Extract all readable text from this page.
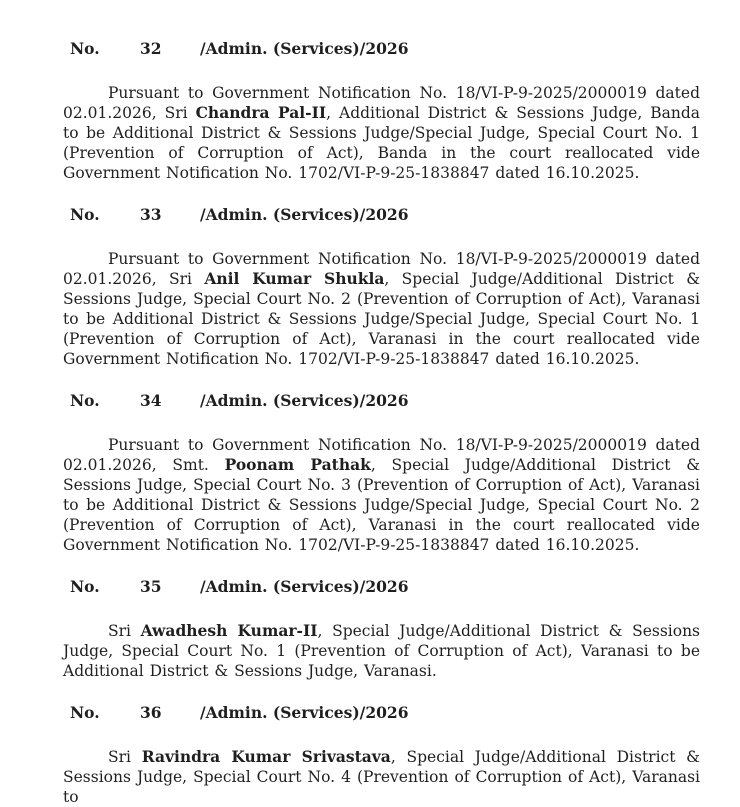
No.	32	/Admin. (Services)/2026

Pursuant to Government Notification No. 18/VI-P-9-2025/2000019 dated 02.01.2026, Sri Chandra Pal-II, Additional District & Sessions Judge, Banda to be Additional District & Sessions Judge/Special Judge, Special Court No. 1 (Prevention of Corruption of Act), Banda in the court reallocated vide Government Notification No. 1702/VI-P-9-25-1838847 dated 16.10.2025.

No.	33	/Admin. (Services)/2026

Pursuant to Government Notification No. 18/VI-P-9-2025/2000019 dated 02.01.2026, Sri Anil Kumar Shukla, Special Judge/Additional District & Sessions Judge, Special Court No. 2 (Prevention of Corruption of Act), Varanasi to be Additional District & Sessions Judge/Special Judge, Special Court No. 1 (Prevention of Corruption of Act), Varanasi in the court reallocated vide Government Notification No. 1702/VI-P-9-25-1838847 dated 16.10.2025.

No.	34	/Admin. (Services)/2026

Pursuant to Government Notification No. 18/VI-P-9-2025/2000019 dated 02.01.2026, Smt. Poonam Pathak, Special Judge/Additional District & Sessions Judge, Special Court No. 3 (Prevention of Corruption of Act), Varanasi to be Additional District & Sessions Judge/Special Judge, Special Court No. 2 (Prevention of Corruption of Act), Varanasi in the court reallocated vide Government Notification No. 1702/VI-P-9-25-1838847 dated 16.10.2025.

No.	35	/Admin. (Services)/2026

Sri Awadhesh Kumar-II, Special Judge/Additional District & Sessions Judge, Special Court No. 1 (Prevention of Corruption of Act), Varanasi to be Additional District & Sessions Judge, Varanasi.

No.	36	/Admin. (Services)/2026

Sri Ravindra Kumar Srivastava, Special Judge/Additional District & Sessions Judge, Special Court No. 4 (Prevention of Corruption of Act), Varanasi to
